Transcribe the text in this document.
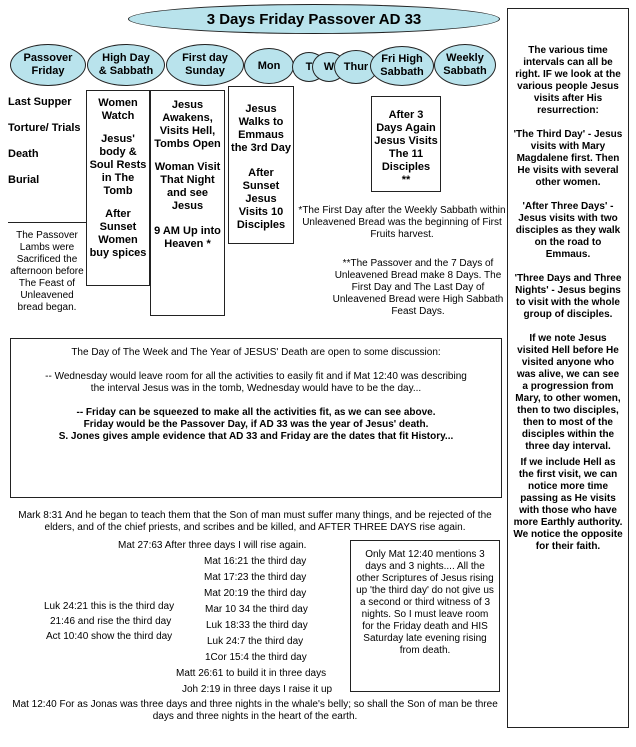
3 Days Friday Passover AD 33
Passover
Friday
High Day
& Sabbath
First day
Sunday	Mon T W Thur
Fri High
Sabbath
Weekly
Sabbath

Last Supper

Torture/ Trials

Death

Burial

The Passover Lambs were Sacrificed the afternoon before The Feast of Unleavened bread began.

Women Watch

Jesus' body & Soul Rests in The Tomb

After Sunset Women buy spices

Jesus Awakens, Visits Hell, Tombs Open

Woman Visit That Night and see Jesus

9 AM Up into Heaven *

Jesus Walks to Emmaus the 3rd Day

After Sunset Jesus Visits 10 Disciples

After 3 Days Again Jesus Visits The 11 Disciples

**

*The First Day after the Weekly Sabbath within Unleavened Bread was the beginning of First Fruits harvest.
**The Passover and the 7 Days of Unleavened Bread make 8 Days. The First Day and The Last Day of Unleavened Bread were High Sabbath Feast Days.
The Day of The Week and The Year of JESUS' Death are open to some discussion:
-- Wednesday would leave room for all the activities to easily fit and if Mat 12:40 was describing the interval Jesus was in the tomb, Wednesday would have to be the day...
-- Friday can be squeezed to make all the activities fit, as we can see above.
Friday would be the Passover Day, if AD 33 was the year of Jesus' death.
S. Jones gives ample evidence that AD 33 and Friday are the dates that fit History...
Mark 8:31 And he began to teach them that the Son of man must suffer many things, and be rejected of the elders, and of the chief priests, and scribes and be killed, and AFTER THREE DAYS rise again.
Mat 27:63 After three days I will rise again.
Mat 16:21 the third day
Mat 17:23 the third day
Mat 20:19 the third day
Mar 10 34 the third day
Luk 18:33 the third day
Luk 24:7 the third day
1Cor 15:4 the third day
Luk 24:21 this is the third day
21:46 and rise the third day
Act 10:40 show the third day
Matt 26:61 to build it in three days
Joh 2:19 in three days I raise it up
Mat 12:40 For as Jonas was three days and three nights in the whale's belly; so shall the Son of man be three days and three nights in the heart of the earth.
Only Mat 12:40 mentions 3 days and 3 nights.... All the other Scriptures of Jesus rising up 'the third day' do not give us a second or third witness of 3 nights. So I must leave room for the Friday death and HIS Saturday late evening rising from death.
The various time intervals can all be right. IF we look at the various people Jesus visits after His resurrection:
'The Third Day' - Jesus visits with Mary Magdalene first. Then He visits with several other women.
'After Three Days' - Jesus visits with two disciples as they walk on the road to Emmaus.
'Three Days and Three Nights' - Jesus begins to visit with the whole group of disciples.
If we note Jesus visited Hell before He visited anyone who was alive, we can see a progression from Mary, to other women, then to two disciples, then to most of the disciples within the three day interval.
If we include Hell as the first visit, we can notice more time passing as He visits with those who have more Earthly authority. We notice the opposite for their faith.
